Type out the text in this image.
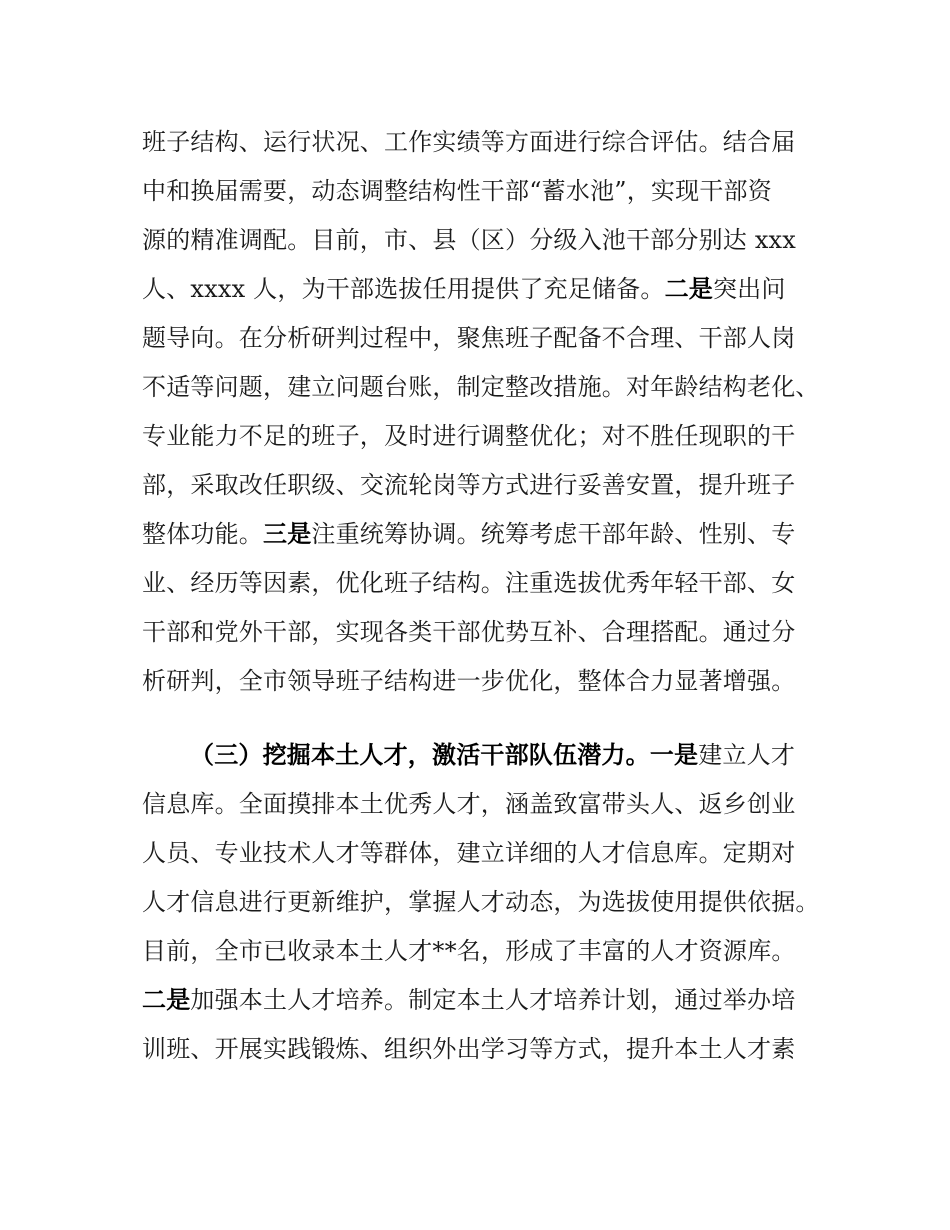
班子结构、运行状况、工作实绩等方面进行综合评估。结合届
中和换届需要，动态调整结构性干部“蓄水池”，实现干部资
源的精准调配。目前，市、县（区）分级入池干部分别达 xxx
人、xxxx 人，为干部选拔任用提供了充足储备。二是突出问
题导向。在分析研判过程中，聚焦班子配备不合理、干部人岗
不适等问题，建立问题台账，制定整改措施。对年龄结构老化、
专业能力不足的班子，及时进行调整优化；对不胜任现职的干
部，采取改任职级、交流轮岗等方式进行妥善安置，提升班子
整体功能。三是注重统筹协调。统筹考虑干部年龄、性别、专
业、经历等因素，优化班子结构。注重选拔优秀年轻干部、女
干部和党外干部，实现各类干部优势互补、合理搭配。通过分
析研判，全市领导班子结构进一步优化，整体合力显著增强。
（三）挖掘本土人才，激活干部队伍潜力。一是建立人才
信息库。全面摸排本土优秀人才，涵盖致富带头人、返乡创业
人员、专业技术人才等群体，建立详细的人才信息库。定期对
人才信息进行更新维护，掌握人才动态，为选拔使用提供依据。
目前，全市已收录本土人才**名，形成了丰富的人才资源库。
二是加强本土人才培养。制定本土人才培养计划，通过举办培
训班、开展实践锻炼、组织外出学习等方式，提升本土人才素
